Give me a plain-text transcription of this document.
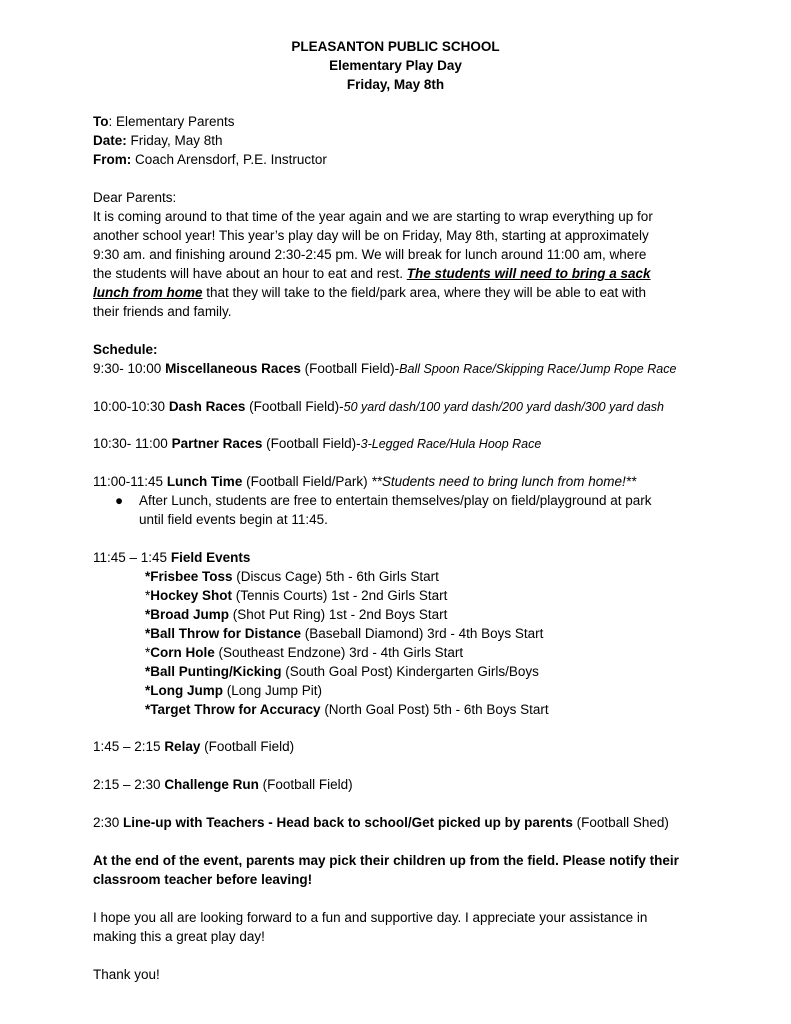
PLEASANTON PUBLIC SCHOOL
Elementary Play Day
Friday, May 8th
To: Elementary Parents
Date: Friday, May 8th
From: Coach Arensdorf, P.E. Instructor
Dear Parents:
It is coming around to that time of the year again and we are starting to wrap everything up for
another school year! This year’s play day will be on Friday, May 8th, starting at approximately
9:30 am. and finishing around 2:30-2:45 pm. We will break for lunch around 11:00 am, where
the students will have about an hour to eat and rest. The students will need to bring a sack
lunch from home that they will take to the field/park area, where they will be able to eat with
their friends and family.
Schedule:
9:30- 10:00 Miscellaneous Races (Football Field)-Ball Spoon Race/Skipping Race/Jump Rope Race
10:00-10:30 Dash Races (Football Field)-50 yard dash/100 yard dash/200 yard dash/300 yard dash
10:30- 11:00 Partner Races (Football Field)-3-Legged Race/Hula Hoop Race
11:00-11:45 Lunch Time (Football Field/Park) **Students need to bring lunch from home!**
●	After Lunch, students are free to entertain themselves/play on field/playground at park
until field events begin at 11:45.
11:45 – 1:45 Field Events
*Frisbee Toss (Discus Cage) 5th - 6th Girls Start
*Hockey Shot (Tennis Courts) 1st - 2nd Girls Start
*Broad Jump (Shot Put Ring) 1st - 2nd Boys Start
*Ball Throw for Distance (Baseball Diamond) 3rd - 4th Boys Start
*Corn Hole (Southeast Endzone) 3rd - 4th Girls Start
*Ball Punting/Kicking (South Goal Post) Kindergarten Girls/Boys
*Long Jump (Long Jump Pit)
*Target Throw for Accuracy (North Goal Post) 5th - 6th Boys Start
1:45 – 2:15 Relay (Football Field)
2:15 – 2:30 Challenge Run (Football Field)
2:30 Line-up with Teachers - Head back to school/Get picked up by parents (Football Shed)
At the end of the event, parents may pick their children up from the field. Please notify their
classroom teacher before leaving!
I hope you all are looking forward to a fun and supportive day. I appreciate your assistance in
making this a great play day!
Thank you!
